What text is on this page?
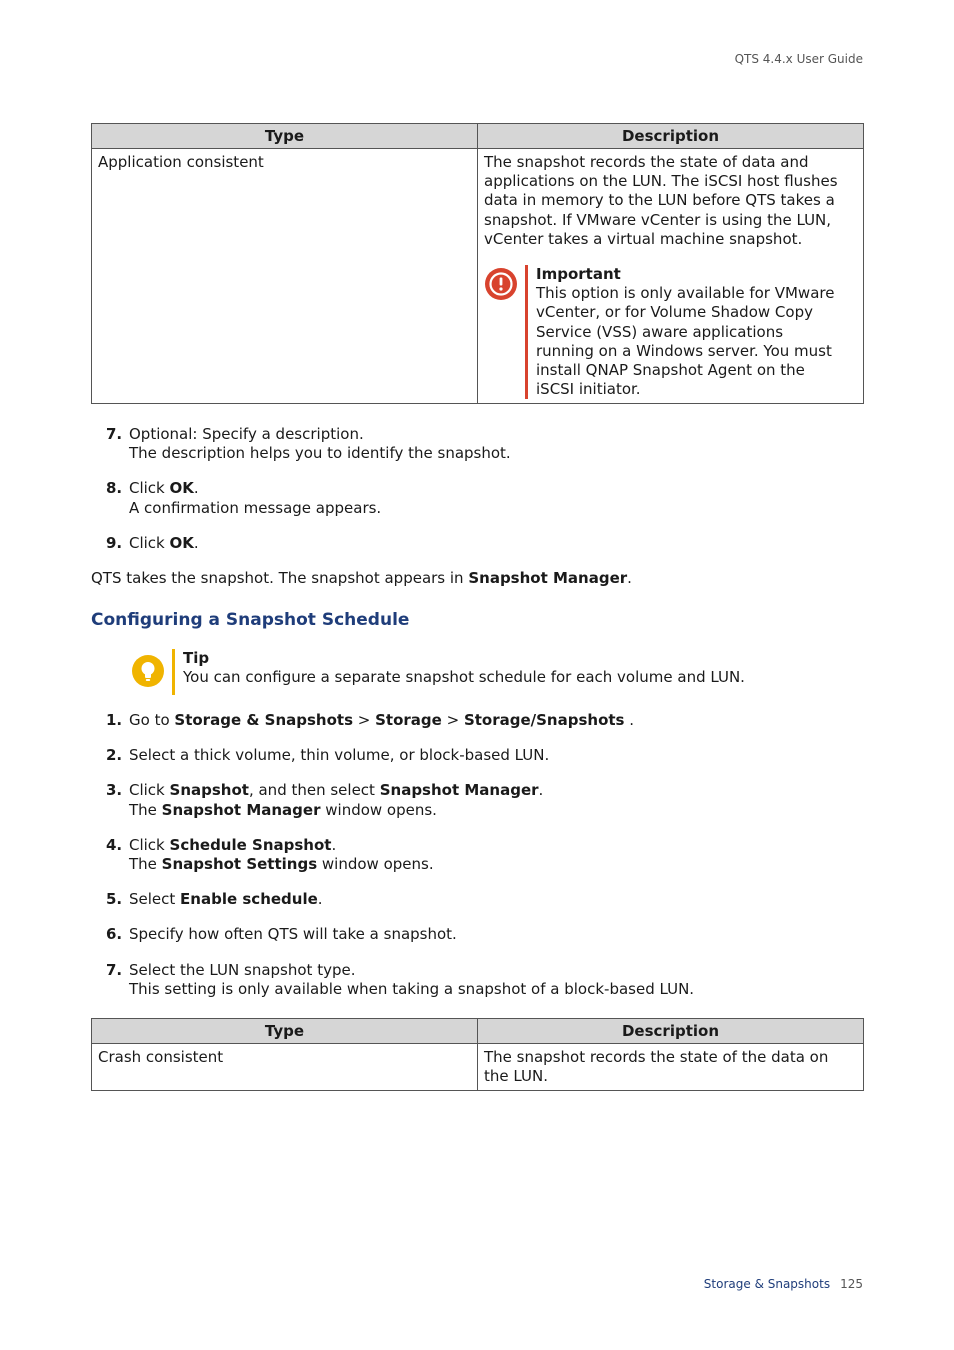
QTS 4.4.x User Guide
Type	Description
Application consistent	The snapshot records the state of data and applications on the LUN. The iSCSI host flushes data in memory to the LUN before QTS takes a snapshot. If VMware vCenter is using the LUN, vCenter takes a virtual machine snapshot.
Important
This option is only available for VMware vCenter, or for Volume Shadow Copy Service (VSS) aware applications running on a Windows server. You must install QNAP Snapshot Agent on the iSCSI initiator.
7. Optional: Specify a description.
The description helps you to identify the snapshot.
8. Click OK.
A confirmation message appears.
9. Click OK.
QTS takes the snapshot. The snapshot appears in Snapshot Manager.
Configuring a Snapshot Schedule
Tip
You can configure a separate snapshot schedule for each volume and LUN.
1. Go to Storage & Snapshots > Storage > Storage/Snapshots .
2. Select a thick volume, thin volume, or block-based LUN.
3. Click Snapshot, and then select Snapshot Manager.
The Snapshot Manager window opens.
4. Click Schedule Snapshot.
The Snapshot Settings window opens.
5. Select Enable schedule.
6. Specify how often QTS will take a snapshot.
7. Select the LUN snapshot type.
This setting is only available when taking a snapshot of a block-based LUN.
Type	Description
Crash consistent	The snapshot records the state of the data on the LUN.
Storage & Snapshots 125
